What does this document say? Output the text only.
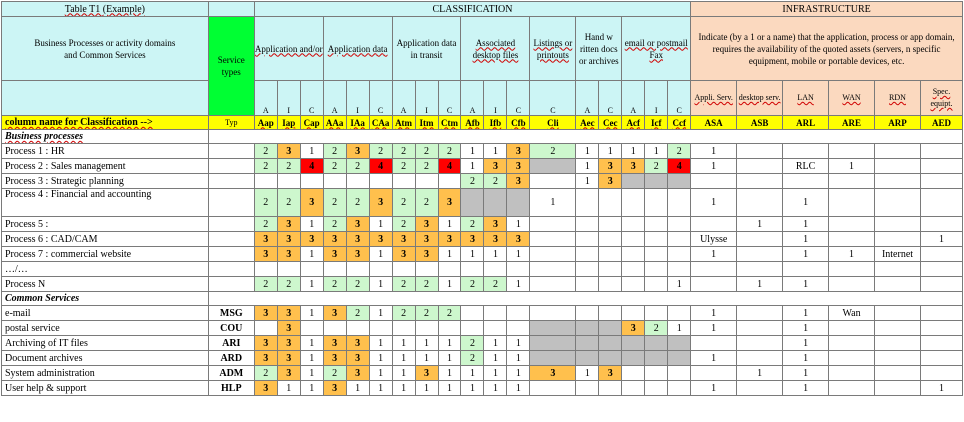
Table T1 (Example)		CLASSIFICATION																		INFRASTRUCTURE					
Business Processes or activity domains and Common Services	Service types	Application and/or			Application data			Application data in transit			Associated desktop files			Listings or printouts	Hand w ritten docs or archives		email or postmail Fax			Indicate (by a 1 or a name) that the application, process or app domain, requires the availability of the quoted assets (servers, n specific equipment, mobile or portable devices, etc.					
		A	I	C	A	I	C	A	I	C	A	I	C	C	A	C	A	I	C	Appli. Serv.	desktop serv.	LAN	WAN	RDN	Spec. equipt.
column name for Classification -->	Typ	Aap	Iap	Cap	AAa	IAa	CAa	Atm	Itm	Ctm	Afb	Ifb	Cfb	Cli	Aec	Cec	Acf	Icf	Ccf	ASA	ASB	ARL	ARE	ARP	AED
Business processes																									
Process 1 : HR		2	3	1	2	3	2	2	2	2	1	1	3	2	1	1	1	1	2	1					
Process 2 : Sales management		2	2	4	2	2	4	2	2	4	1	3	3		1	3	3	2	4	1		RLC	1		
Process 3 : Strategic planning											2	2	3		1	3									
Process 4 : Financial and accounting		2	2	3	2	2	3	2	2	3				1						1		1			
Process 5 :		2	3	1	2	3	1	2	3	1	2	3	1								1	1			
Process 6 : CAD/CAM		3	3	3	3	3	3	3	3	3	3	3	3							Ulysse		1			1
Process 7 : commercial website		3	3	1	3	3	1	3	3	1	1	1	1							1		1	1	Internet	
…/…																									
Process N		2	2	1	2	2	1	2	2	1	2	2	1						1		1	1			
Common Services																									
e-mail	MSG	3	3	1	3	2	1	2	2	2										1		1	Wan		
postal service	COU		3														3	2	1	1		1			
Archiving of IT files	ARI	3	3	1	3	3	1	1	1	1	2	1	1									1			
Document archives	ARD	3	3	1	3	3	1	1	1	1	2	1	1							1		1			
System administration	ADM	2	3	1	2	3	1	1	3	1	1	1	1	3	1	3					1	1			
User help & support	HLP	3	1	1	3	1	1	1	1	1	1	1	1							1		1			1
